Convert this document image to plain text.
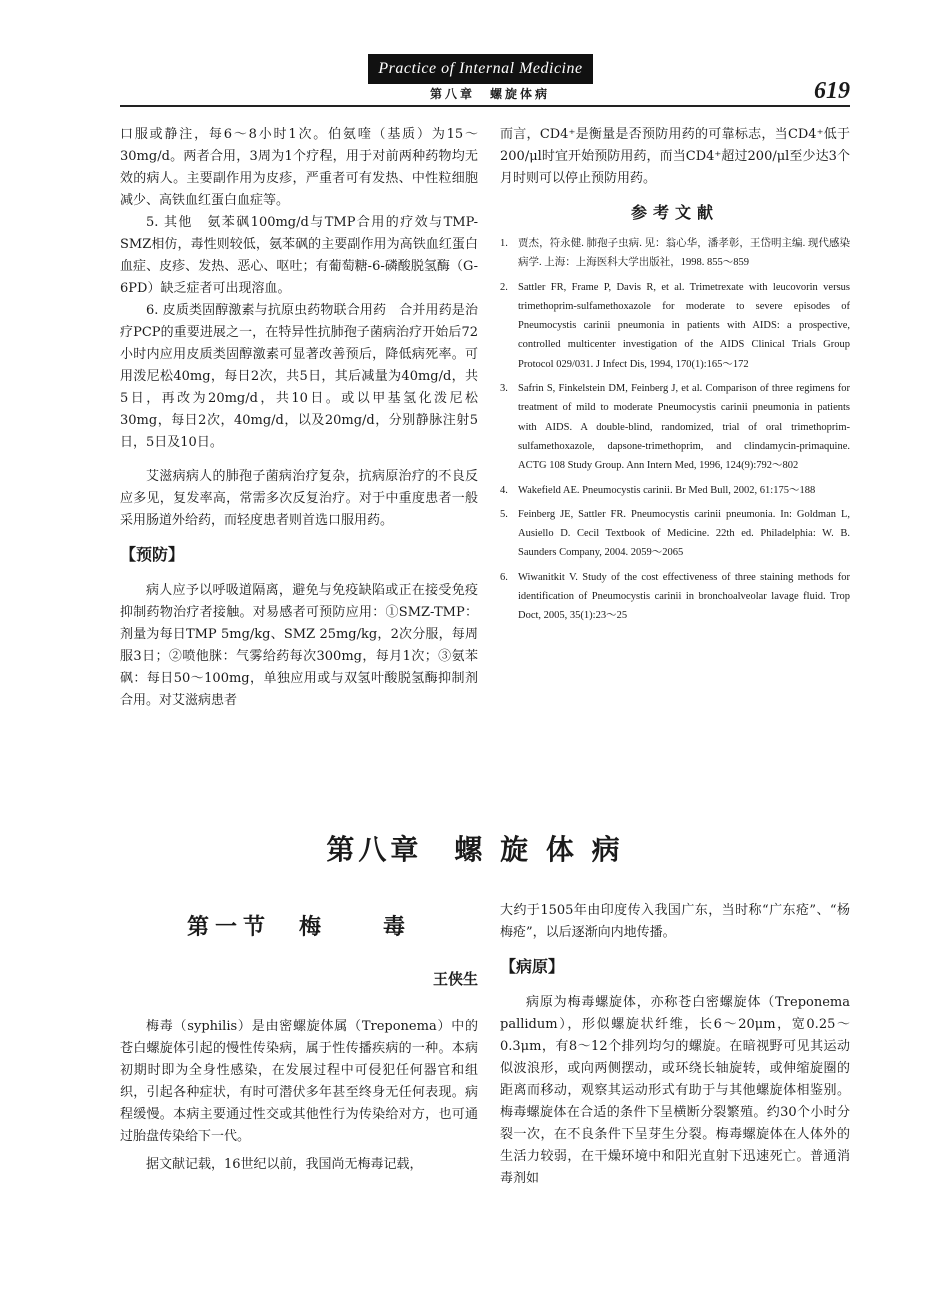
Practice of Internal Medicine
第八章　螺旋体病	619

口服或静注，每6～8小时1次。伯氨喹（基质）为15～30mg/d。两者合用，3周为1个疗程，用于对前两种药物均无效的病人。主要副作用为皮疹，严重者可有发热、中性粒细胞减少、高铁血红蛋白血症等。

5. 其他　氨苯砜100mg/d与TMP合用的疗效与TMP-SMZ相仿，毒性则较低，氨苯砜的主要副作用为高铁血红蛋白血症、皮疹、发热、恶心、呕吐；有葡萄糖-6-磷酸脱氢酶（G-6PD）缺乏症者可出现溶血。

6. 皮质类固醇激素与抗原虫药物联合用药　合并用药是治疗PCP的重要进展之一，在特异性抗肺孢子菌病治疗开始后72小时内应用皮质类固醇激素可显著改善预后，降低病死率。可用泼尼松40mg，每日2次，共5日，其后减量为40mg/d，共5日，再改为20mg/d，共10日。或以甲基氢化泼尼松30mg，每日2次，40mg/d，以及20mg/d，分别静脉注射5日，5日及10日。

艾滋病病人的肺孢子菌病治疗复杂，抗病原治疗的不良反应多见，复发率高，常需多次反复治疗。对于中重度患者一般采用肠道外给药，而轻度患者则首选口服用药。

【预防】

病人应予以呼吸道隔离，避免与免疫缺陷或正在接受免疫抑制药物治疗者接触。对易感者可预防应用：①SMZ-TMP：剂量为每日TMP 5mg/kg、SMZ 25mg/kg，2次分服，每周服3日；②喷他脒：气雾给药每次300mg，每月1次；③氨苯砜：每日50～100mg，单独应用或与双氢叶酸脱氢酶抑制剂合用。对艾滋病患者

而言，CD4⁺是衡量是否预防用药的可靠标志，当CD4⁺低于200/μl时宜开始预防用药，而当CD4⁺超过200/μl至少达3个月时则可以停止预防用药。

参考文献
1. 贾杰，符永健. 肺孢子虫病. 见：翁心华，潘孝彰，王岱明主编. 现代感染病学. 上海：上海医科大学出版社，1998. 855～859
2. Sattler FR, Frame P, Davis R, et al. Trimetrexate with leucovorin versus trimethoprim-sulfamethoxazole for moderate to severe episodes of Pneumocystis carinii pneumonia in patients with AIDS: a prospective, controlled multicenter investigation of the AIDS Clinical Trials Group Protocol 029/031. J Infect Dis, 1994, 170(1):165～172
3. Safrin S, Finkelstein DM, Feinberg J, et al. Comparison of three regimens for treatment of mild to moderate Pneumocystis carinii pneumonia in patients with AIDS. A double-blind, randomized, trial of oral trimethoprim-sulfamethoxazole, dapsone-trimethoprim, and clindamycin-primaquine. ACTG 108 Study Group. Ann Intern Med, 1996, 124(9):792～802
4. Wakefield AE. Pneumocystis carinii. Br Med Bull, 2002, 61:175～188
5. Feinberg JE, Sattler FR. Pneumocystis carinii pneumonia. In: Goldman L, Ausiello D. Cecil Textbook of Medicine. 22th ed. Philadelphia: W. B. Saunders Company, 2004. 2059～2065
6. Wiwanitkit V. Study of the cost effectiveness of three staining methods for identification of Pneumocystis carinii in bronchoalveolar lavage fluid. Trop Doct, 2005, 35(1):23～25
第八章　螺 旋 体 病
第一节　梅　　毒
王侠生

梅毒（syphilis）是由密螺旋体属（Treponema）中的苍白螺旋体引起的慢性传染病，属于性传播疾病的一种。本病初期时即为全身性感染，在发展过程中可侵犯任何器官和组织，引起各种症状，有时可潜伏多年甚至终身无任何表现。病程缓慢。本病主要通过性交或其他性行为传染给对方，也可通过胎盘传染给下一代。

据文献记载，16世纪以前，我国尚无梅毒记载，

大约于1505年由印度传入我国广东，当时称“广东疮”、“杨梅疮”，以后逐渐向内地传播。

【病原】

病原为梅毒螺旋体，亦称苍白密螺旋体（Treponema pallidum），形似螺旋状纤维，长6～20μm，宽0.25～0.3μm，有8～12个排列均匀的螺旋。在暗视野可见其运动似波浪形，或向两侧摆动，或环绕长轴旋转，或伸缩旋圈的距离而移动，观察其运动形式有助于与其他螺旋体相鉴别。梅毒螺旋体在合适的条件下呈横断分裂繁殖。约30个小时分裂一次，在不良条件下呈芽生分裂。梅毒螺旋体在人体外的生活力较弱，在干燥环境中和阳光直射下迅速死亡。普通消毒剂如
